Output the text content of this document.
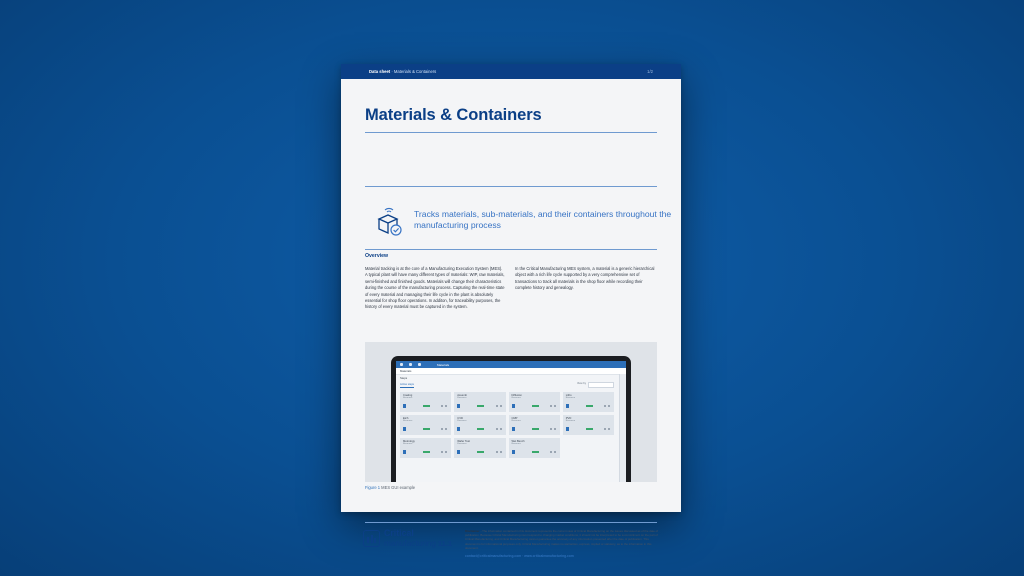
Data sheet · Materials & Containers	1/2
Materials & Containers
Tracks materials, sub-materials, and their containers throughout the manufacturing process
Overview
Material tracking is at the core of a Manufacturing Execution System (MES). A typical plant will have many different types of materials: WIP, raw materials, semi-finished and finished goods. Materials will change their characteristics during the course of the manufacturing process. Capturing the real-time state of every material and managing their life cycle in the plant is absolutely essential for shop floor operations. In additon, for traceability purposes, the history of every material must be captured in the system.
In the Critical Manufacturing MES system, a material is a generic hierarchical object with a rich life cycle supported by a very comprehensive set of transactions to track all materials in the shop floor while recording their complete history and genealogy.
Materials
Materials
Steps
Active steps	View by
Coating
Resource
Assemb
Resource
Diffusion
Resource
Litho
Resource
Etch
Resource
CVD
Resource
CMP
Resource
PVD
Resource
Metrology
Resource
Wafer Test
Resource
Wet Bench
Resource
Figure 1 MES GUI example
Critical
manufacturing 11.1
Disclaimer - The information contained in this document represents the current view of Critical Manufacturing on the issues discussed as of the date of publication. Because Critical Manufacturing must respond to changing market conditions, it should not be interpreted to be a commitment on the part of Critical Manufacturing, and Critical Manufacturing cannot guarantee the accuracy of any information presented after the date of publication. This document is for informational purposes only. Critical Manufacturing makes no warranties, express, implied or statutory, as to the information in this document.
contact@criticalmanufacturing.com · www.criticalmanufacturing.com
